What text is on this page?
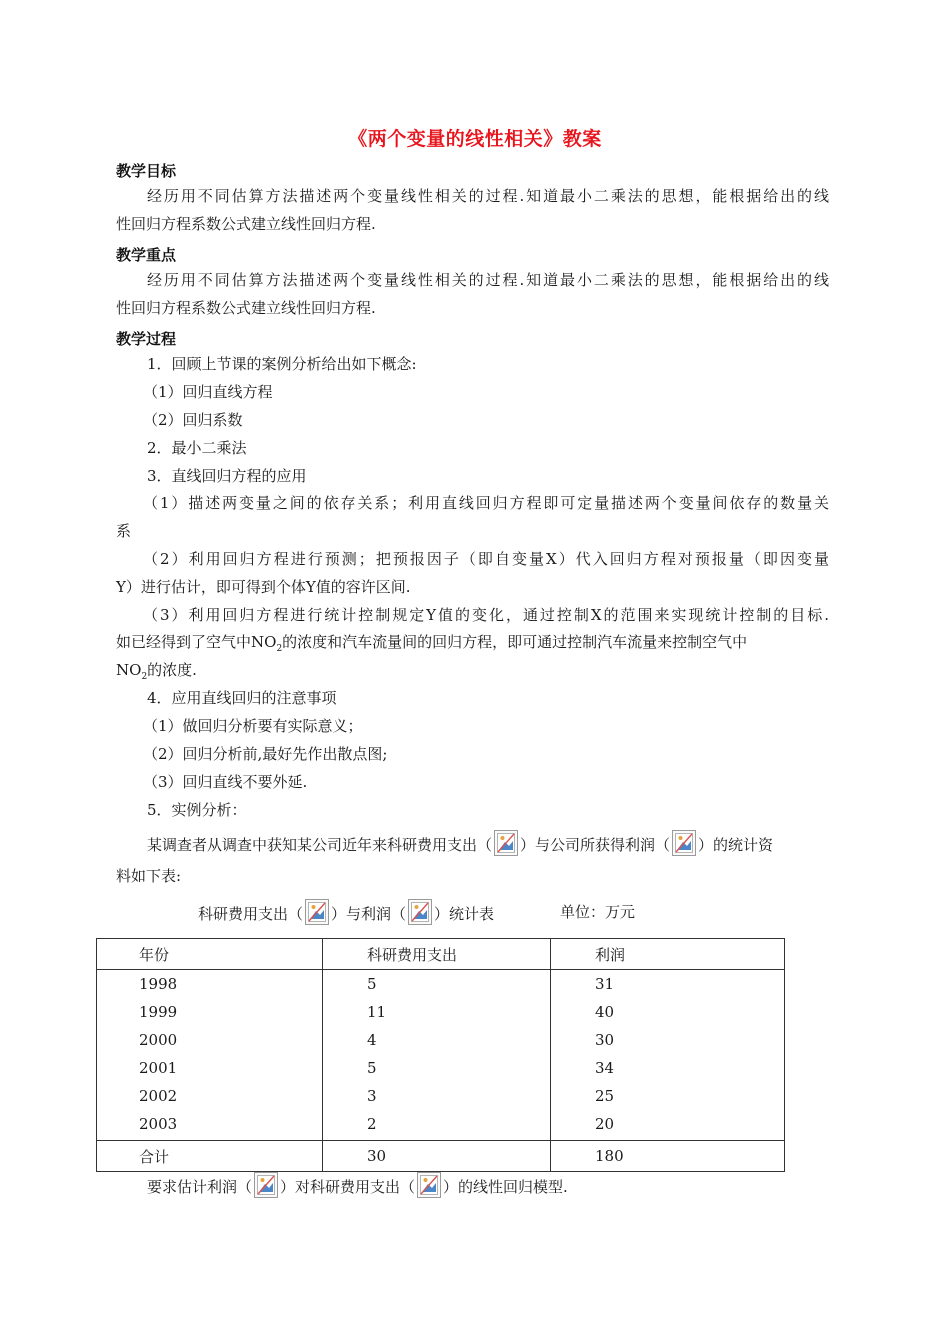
《两个变量的线性相关》教案
教学目标
经历用不同估算方法描述两个变量线性相关的过程.知道最小二乘法的思想，能根据给出的线
性回归方程系数公式建立线性回归方程.
教学重点
经历用不同估算方法描述两个变量线性相关的过程.知道最小二乘法的思想，能根据给出的线
性回归方程系数公式建立线性回归方程.
教学过程
1．回顾上节课的案例分析给出如下概念:
（1）回归直线方程
（2）回归系数
2．最小二乘法
3．直线回归方程的应用
（1）描述两变量之间的依存关系；利用直线回归方程即可定量描述两个变量间依存的数量关
系
（2）利用回归方程进行预测；把预报因子（即自变量X）代入回归方程对预报量（即因变量
Y）进行估计，即可得到个体Y值的容许区间.
（3）利用回归方程进行统计控制规定Y值的变化，通过控制X的范围来实现统计控制的目标.
如已经得到了空气中$NO_2$的浓度和汽车流量间的回归方程，即可通过控制汽车流量来控制空气中
$NO_2$的浓度.
4．应用直线回归的注意事项
（1）做回归分析要有实际意义；
（2）回归分析前,最好先作出散点图;
（3）回归直线不要外延.
5．实例分析：
某调查者从调查中获知某公司近年来科研费用支出（ ）与公司所获得利润（ ）的统计资
料如下表:
科研费用支出（ ）与利润（ ）统计表	单位：万元
年份	科研费用支出	利润
1998	5	31
1999	11	40
2000	4	30
2001	5	34
2002	3	25
2003	2	20
合计	30	180
要求估计利润（ ）对科研费用支出（ ）的线性回归模型.
